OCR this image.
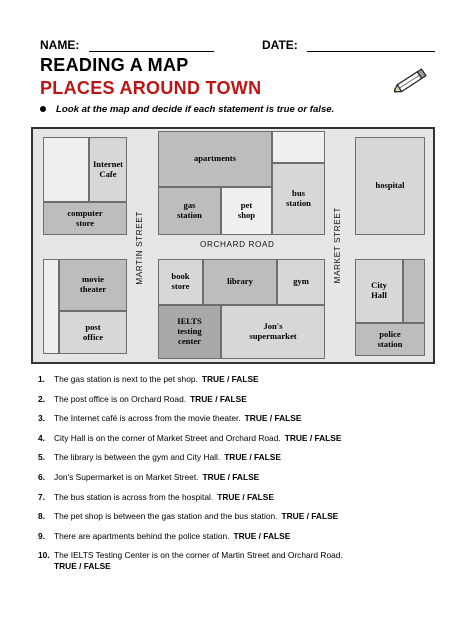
NAME:	DATE:
READING A MAP
PLACES AROUND TOWN
Look at the map and decide if each statement is true or false.
Internet
Cafe
computer
store
apartments
bus
station
gas
station
pet
shop
hospital
movie
theater
post
office
book
store	library	gym
IELTS
testing
center
Jon's
supermarket
City
Hall
police
station
MARTIN STREET	MARKET STREET
ORCHARD ROAD
1. The gas station is next to the pet shop. TRUE / FALSE
2. The post office is on Orchard Road. TRUE / FALSE
3. The Internet café is across from the movie theater. TRUE / FALSE
4. City Hall is on the corner of Market Street and Orchard Road. TRUE / FALSE
5. The library is between the gym and City Hall. TRUE / FALSE
6. Jon's Supermarket is on Market Street. TRUE / FALSE
7. The bus station is across from the hospital. TRUE / FALSE
8. The pet shop is between the gas station and the bus station. TRUE / FALSE
9. There are apartments behind the police station. TRUE / FALSE
10. The IELTS Testing Center is on the corner of Martin Street and Orchard Road.
TRUE / FALSE
